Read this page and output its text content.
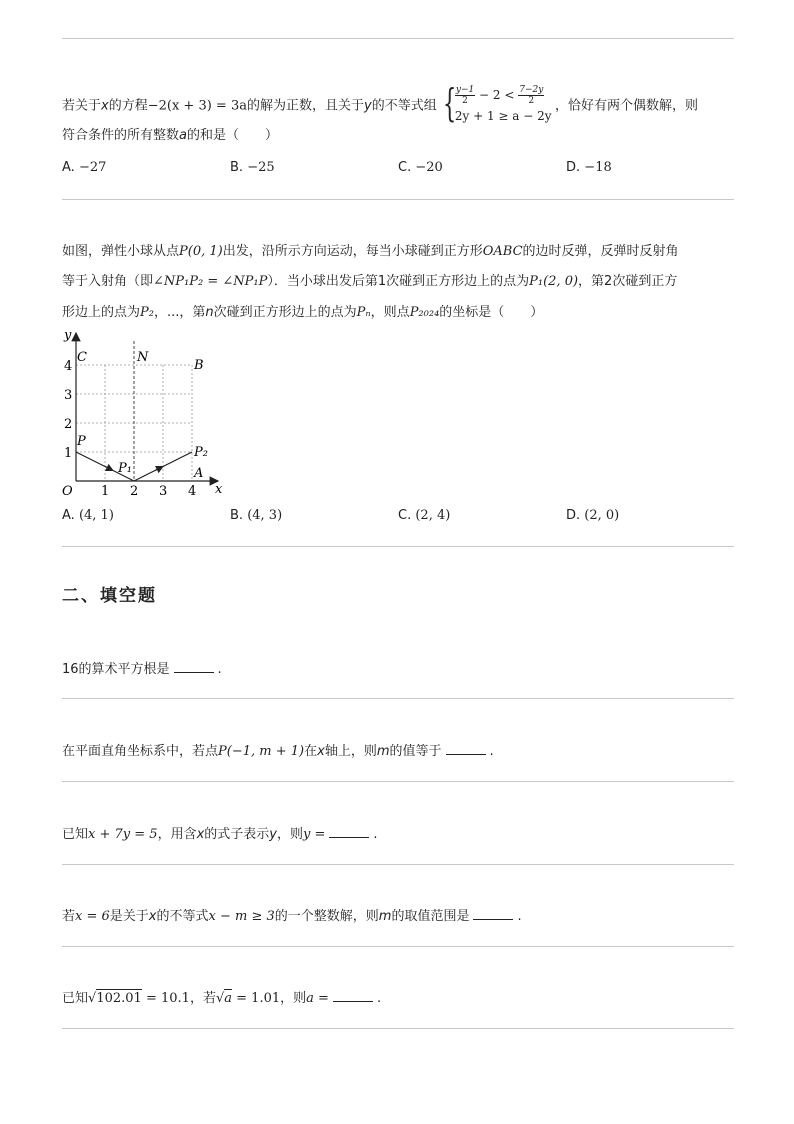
若关于x的方程−2(x + 3) = 3a的解为正数，且关于y的不等式组 {
$\frac{y-1}{2} - 2 < \frac{7-2y}{2}$
2y + 1 ≥ a − 2y
，恰好有两个偶数解，则
符合条件的所有整数a的和是（　　）
A. −27	B. −25	C. −20	D. −18
如图，弹性小球从点P(0, 1)出发，沿所示方向运动，每当小球碰到正方形OABC的边时反弹，反弹时反射角
等于入射角（即∠NP₁P₂ = ∠NP₁P）．当小球出发后第1次碰到正方形边上的点为P₁(2, 0)，第2次碰到正方
形边上的点为P₂，...，第n次碰到正方形边上的点为Pₙ，则点P₂₀₂₄的坐标是（　　）
y
x
O
C	N
B
P
P₁
P₂
A
1
2
3
4
1 2 3 4
A. (4, 1)	B. (4, 3)	C. (2, 4)	D. (2, 0)
二、填空题
16的算术平方根是	.
在平面直角坐标系中，若点P(−1, m + 1)在x轴上，则m的值等于	.
已知x + 7y = 5，用含x的式子表示y，则y =	.
若x = 6是关于x的不等式x − m ≥ 3的一个整数解，则m的取值范围是	.
已知√102.01 = 10.1，若√a = 1.01，则a =	.
